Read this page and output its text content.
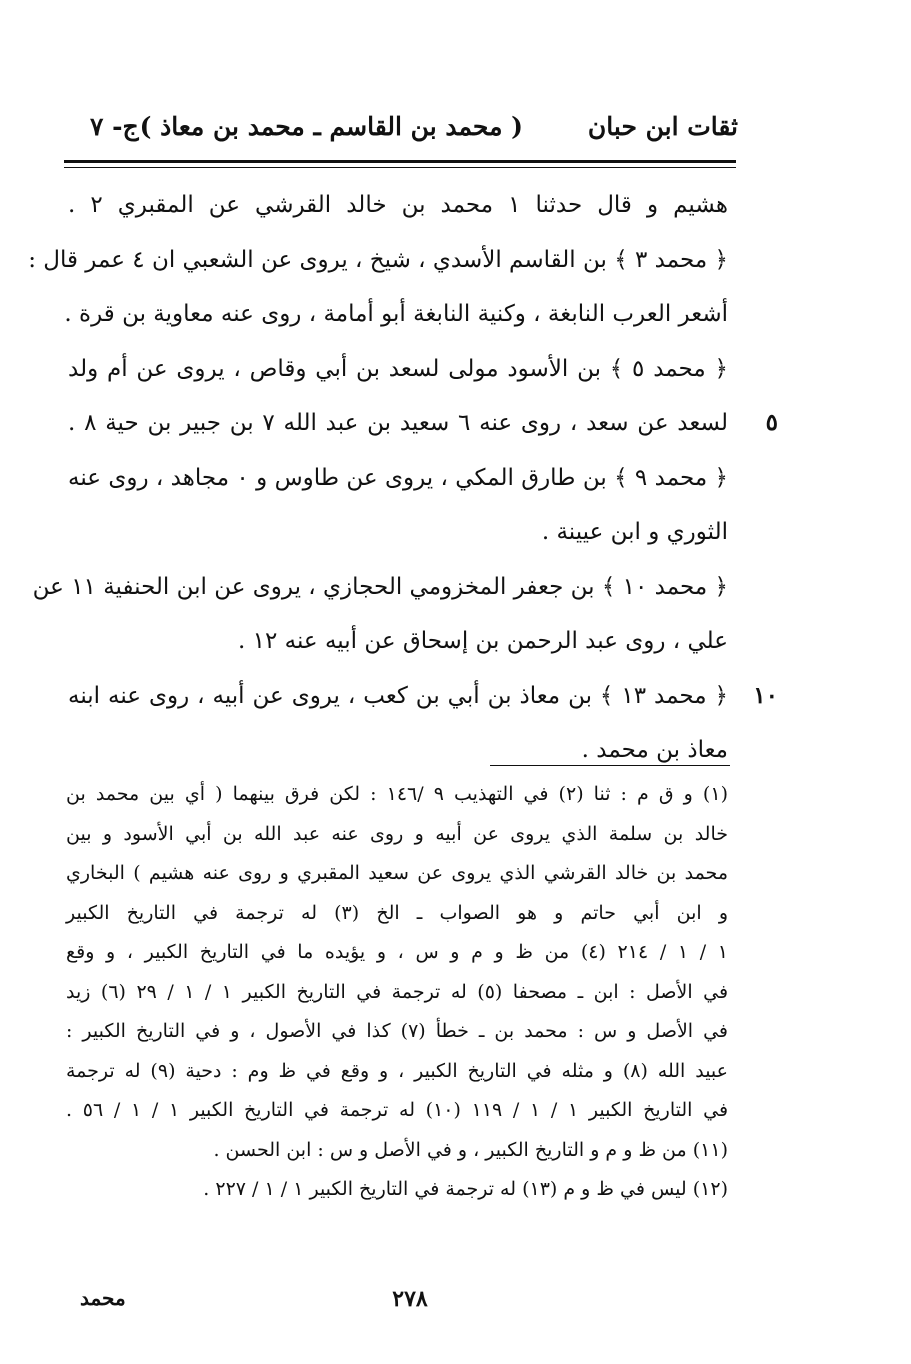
ثقات ابن حبان
( محمد بن القاسم ـ محمد بن معاذ )
ج- ٧
هشيم و قال حدثنا ١ محمد بن خالد القرشي عن المقبري ٢ .
﴿ محمد ٣ ﴾ بن القاسم الأسدي ، شيخ ، يروى عن الشعبي ان ٤ عمر قال :
أشعر العرب النابغة ، وكنية النابغة أبو أمامة ، روى عنه معاوية بن قرة .
﴿ محمد ٥ ﴾ بن الأسود مولى لسعد بن أبي وقاص ، يروى عن أم ولد
لسعد عن سعد ، روى عنه ٦ سعيد بن عبد الله ٧ بن جبير بن حية ٨ .	٥
﴿ محمد ٩ ﴾ بن طارق المكي ، يروى عن طاوس و ٠ مجاهد ، روى عنه
الثوري و ابن عيينة .
﴿ محمد ١٠ ﴾ بن جعفر المخزومي الحجازي ، يروى عن ابن الحنفية ١١ عن
علي ، روى عبد الرحمن بن إسحاق عن أبيه عنه ١٢ .
﴿ محمد ١٣ ﴾ بن معاذ بن أبي بن كعب ، يروى عن أبيه ، روى عنه ابنه	١٠
معاذ بن محمد .
(١) و ق م : ثنا (٢) في التهذيب ٩ /١٤٦ : لكن فرق بينهما ( أي بين محمد بن
خالد بن سلمة الذي يروى عن أبيه و روى عنه عبد الله بن أبي الأسود و بين
محمد بن خالد القرشي الذي يروى عن سعيد المقبري و روى عنه هشيم ) البخاري
و ابن أبي حاتم و هو الصواب ـ الخ (٣) له ترجمة في التاريخ الكبير
١ / ١ / ٢١٤ (٤) من ظ و م و س ، و يؤيده ما في التاريخ الكبير ، و وقع
في الأصل : ابن ـ مصحفا (٥) له ترجمة في التاريخ الكبير ١ / ١ / ٢٩ (٦) زيد
في الأصل و س : محمد بن ـ خطأ (٧) كذا في الأصول ، و في التاريخ الكبير :
عبيد الله (٨) و مثله في التاريخ الكبير ، و وقع في ظ وم : دحية (٩) له ترجمة
في التاريخ الكبير ١ / ١ / ١١٩ (١٠) له ترجمة في التاريخ الكبير ١ / ١ / ٥٦ .
(١١) من ظ و م و التاريخ الكبير ، و في الأصل و س : ابن الحسن .
(١٢) ليس في ظ و م (١٣) له ترجمة في التاريخ الكبير ١ / ١ / ٢٢٧ .
٢٧٨
محمد
